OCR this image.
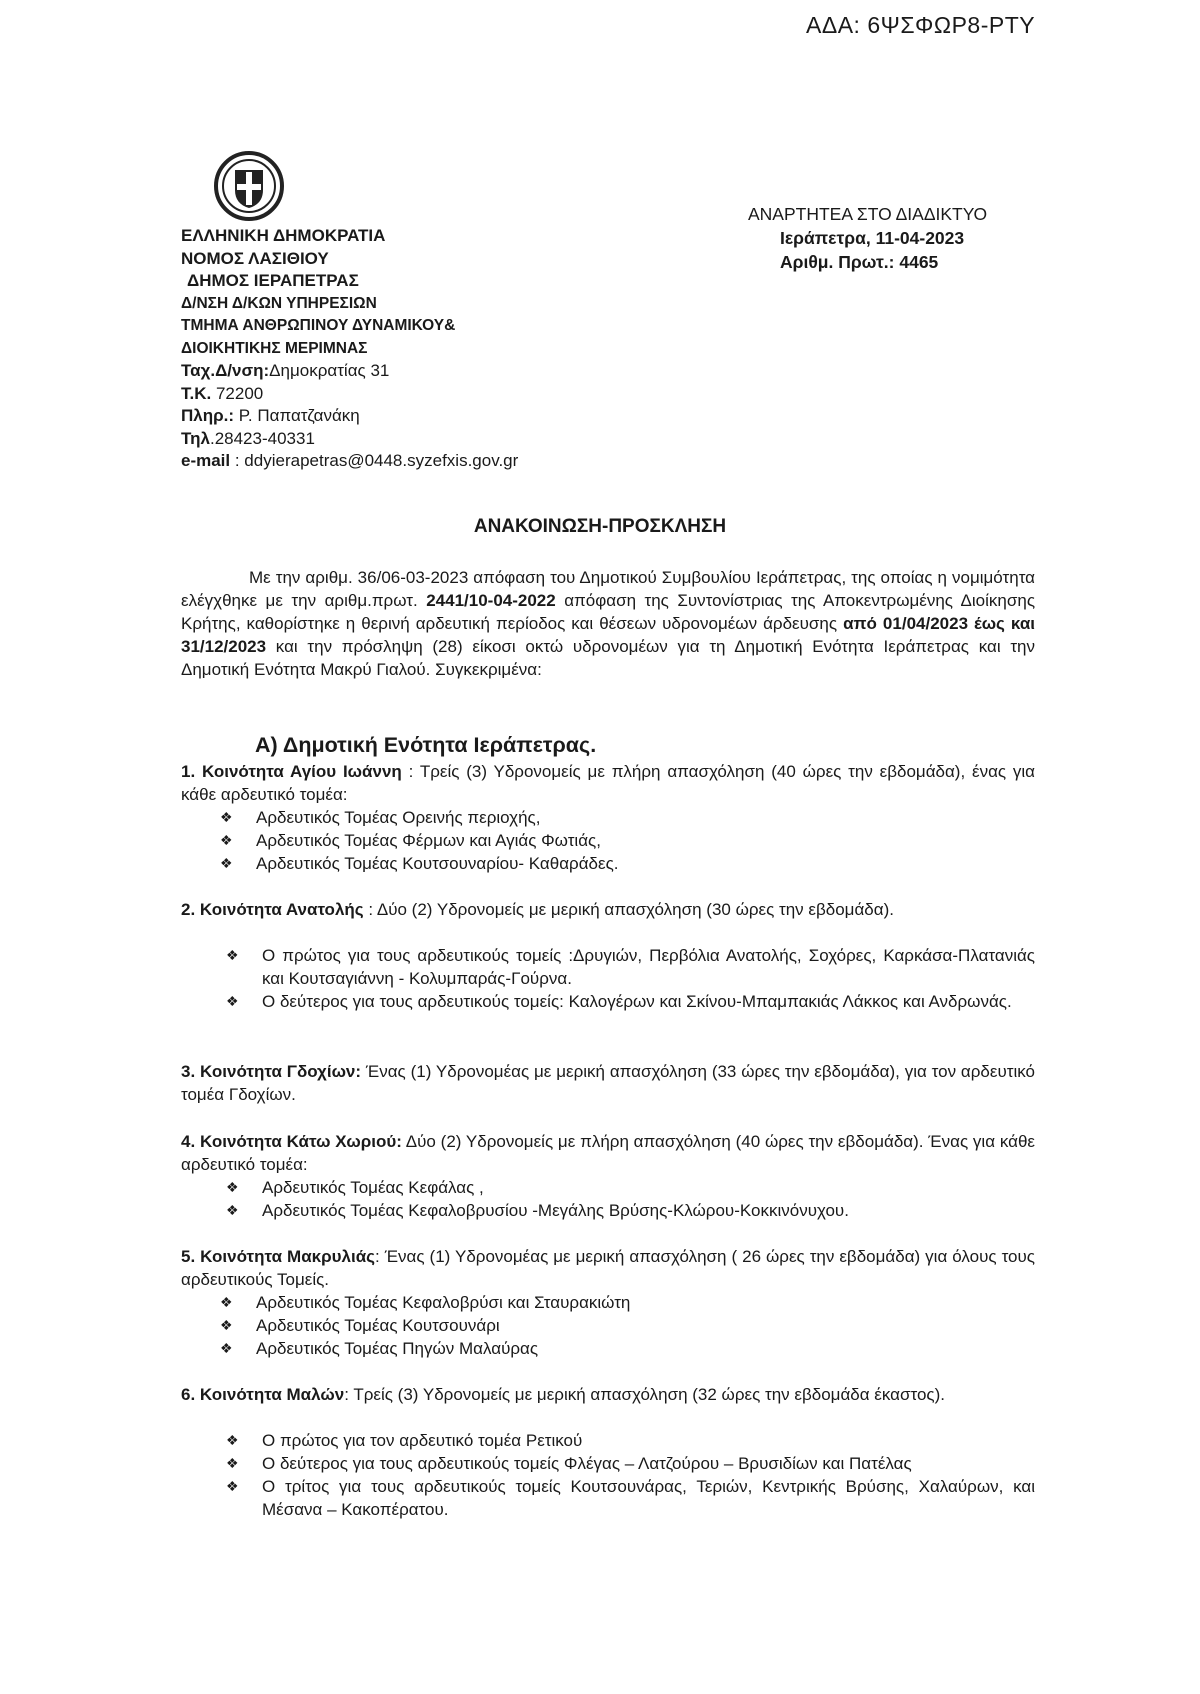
ΑΔΑ: 6ΨΣΦΩΡ8-ΡΤΥ
ΕΛΛΗΝΙΚΗ ΔΗΜΟΚΡΑΤΙΑ
ΝΟΜΟΣ ΛΑΣΙΘΙΟΥ
ΔΗΜΟΣ ΙΕΡΑΠΕΤΡΑΣ
Δ/ΝΣΗ Δ/ΚΩΝ ΥΠΗΡΕΣΙΩΝ
ΤΜΗΜΑ ΑΝΘΡΩΠΙΝΟΥ ΔΥΝΑΜΙΚΟΥ&
ΔΙΟΙΚΗΤΙΚΗΣ ΜΕΡΙΜΝΑΣ
Ταχ.Δ/νση:Δημοκρατίας 31
Τ.Κ. 72200
Πληρ.: Ρ. Παπατζανάκη
Τηλ.28423-40331
e-mail : ddyierapetras@0448.syzefxis.gov.gr
ΑΝΑΡΤΗΤΕΑ ΣΤΟ ΔΙΑΔΙΚΤΥΟ
Ιεράπετρα, 11-04-2023
Αριθμ. Πρωτ.: 4465
ΑΝΑΚΟΙΝΩΣΗ-ΠΡΟΣΚΛΗΣΗ
Με την αριθμ. 36/06-03-2023 απόφαση του Δημοτικού Συμβουλίου Ιεράπετρας, της οποίας η νομιμότητα ελέγχθηκε με την αριθμ.πρωτ. 2441/10-04-2022 απόφαση της Συντονίστριας της Αποκεντρωμένης Διοίκησης Κρήτης, καθορίστηκε η θερινή αρδευτική περίοδος και θέσεων υδρονομέων άρδευσης από 01/04/2023 έως και 31/12/2023 και την πρόσληψη (28) είκοσι οκτώ υδρονομέων για τη Δημοτική Ενότητα Ιεράπετρας και την Δημοτική Ενότητα Μακρύ Γιαλού. Συγκεκριμένα:
Α) Δημοτική Ενότητα Ιεράπετρας.
1. Κοινότητα Αγίου Ιωάννη : Τρείς (3) Υδρονομείς με πλήρη απασχόληση (40 ώρες την εβδομάδα), ένας για κάθε αρδευτικό τομέα:
❖ Αρδευτικός Τομέας Ορεινής περιοχής,
❖ Αρδευτικός Τομέας Φέρμων και Αγιάς Φωτιάς,
❖ Αρδευτικός Τομέας Κουτσουναρίου- Καθαράδες.
2. Κοινότητα Ανατολής : Δύο (2) Υδρονομείς με μερική απασχόληση (30 ώρες την εβδομάδα).
❖ Ο πρώτος για τους αρδευτικούς τομείς :Δρυγιών, Περβόλια Ανατολής, Σοχόρες, Καρκάσα-Πλατανιάς και Κουτσαγιάννη - Κολυμπαράς-Γούρνα.
❖ Ο δεύτερος για τους αρδευτικούς τομείς: Καλογέρων και Σκίνου-Μπαμπακιάς Λάκκος και Ανδρωνάς.
3. Κοινότητα Γδοχίων: Ένας (1) Υδρονομέας με μερική απασχόληση (33 ώρες την εβδομάδα), για τον αρδευτικό τομέα Γδοχίων.
4. Κοινότητα Κάτω Χωριού: Δύο (2) Υδρονομείς με πλήρη απασχόληση (40 ώρες την εβδομάδα). Ένας για κάθε αρδευτικό τομέα:
❖ Αρδευτικός Τομέας Κεφάλας ,
❖ Αρδευτικός Τομέας Κεφαλοβρυσίου -Μεγάλης Βρύσης-Κλώρου-Κοκκινόνυχου.
5. Κοινότητα Μακρυλιάς: Ένας (1) Υδρονομέας με μερική απασχόληση ( 26 ώρες την εβδομάδα) για όλους τους αρδευτικούς Τομείς.
❖ Αρδευτικός Τομέας Κεφαλοβρύσι και Σταυρακιώτη
❖ Αρδευτικός Τομέας Κουτσουνάρι
❖ Αρδευτικός Τομέας Πηγών Μαλαύρας
6. Κοινότητα Μαλών: Τρείς (3) Υδρονομείς με μερική απασχόληση (32 ώρες την εβδομάδα έκαστος).
❖ Ο πρώτος για τον αρδευτικό τομέα Ρετικού
❖ Ο δεύτερος για τους αρδευτικούς τομείς Φλέγας – Λατζούρου – Βρυσιδίων και Πατέλας
❖ Ο τρίτος για τους αρδευτικούς τομείς Κουτσουνάρας, Τεριών, Κεντρικής Βρύσης, Χαλαύρων, και Μέσανα – Κακοπέρατου.
